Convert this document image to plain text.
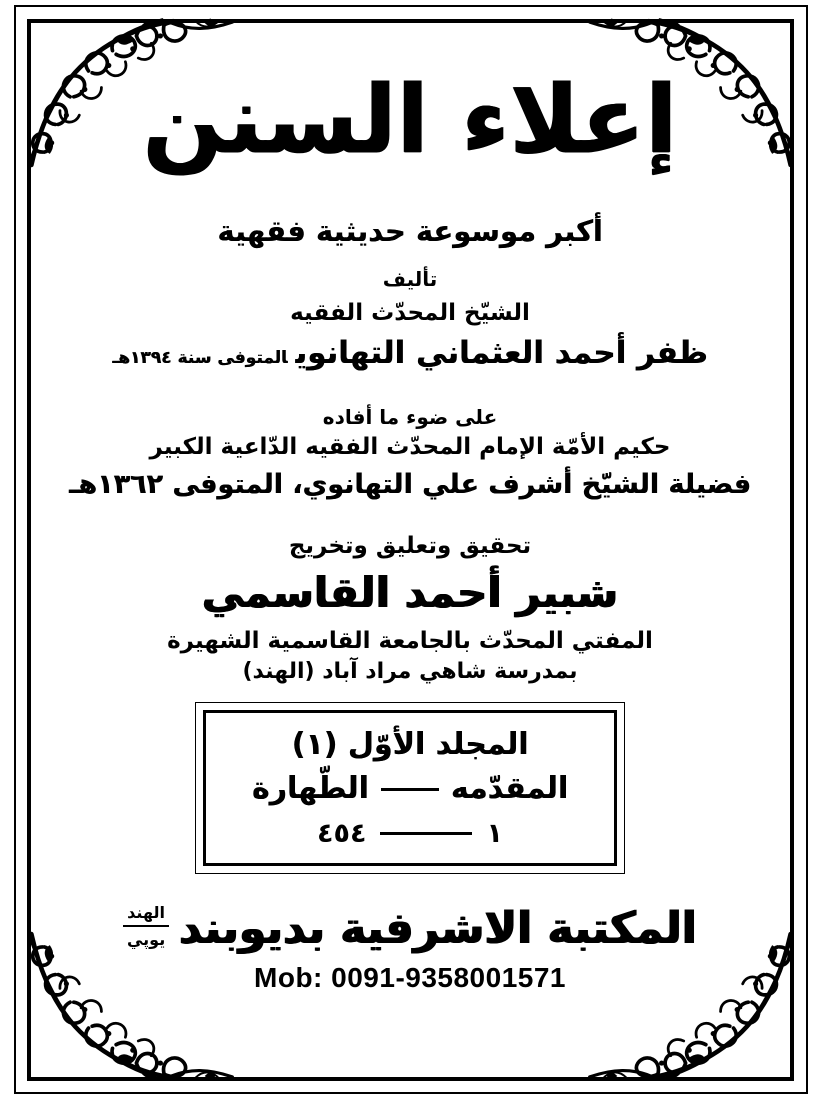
إعلاء السنن
أكبر موسوعة حديثية فقهية
تأليف
الشيّخ المحدّث الفقيه
ظفر أحمد العثماني التهانويالمتوفى سنة ١٣٩٤هـ
على ضوء ما أفاده
حكيم الأمّة الإمام المحدّث الفقيه الدّاعية الكبير
فضيلة الشيّخ أشرف علي التهانوي، المتوفى ١٣٦٢هـ
تحقيق وتعليق وتخريج
شبير أحمد القاسمي
المفتي المحدّث بالجامعة القاسمية الشهيرة
بمدرسة شاهي مراد آباد (الهند)
المجلد الأوّل (١)
المقدّمه
الطّهارة
١
٤٥٤
المكتبة الاشرفية بديوبند
الهند
يوپي
Mob: 0091-9358001571
